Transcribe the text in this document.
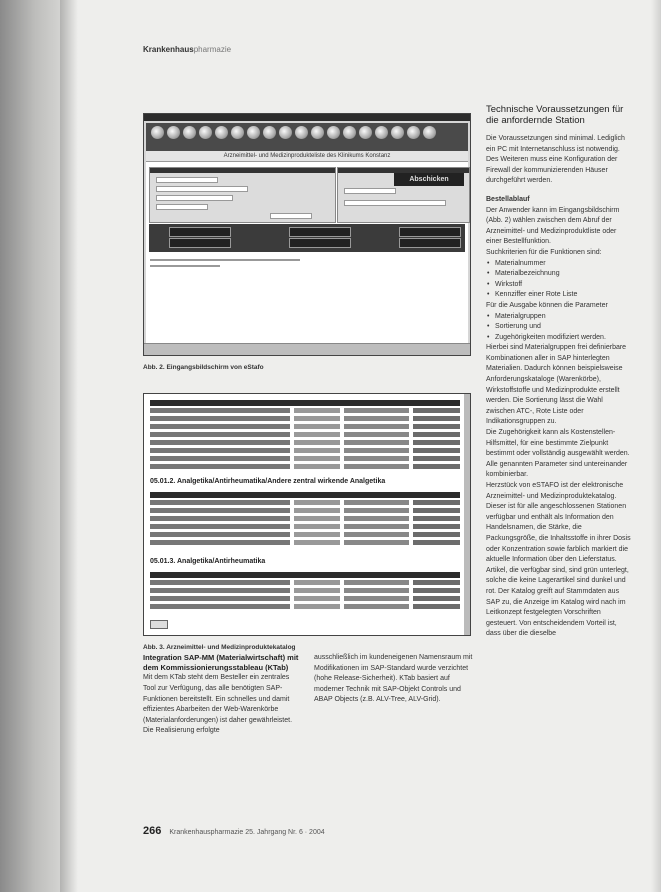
Krankenhauspharmazie
Arzneimittel- und Medizinprodukteliste des Klinikums Konstanz
Abschicken
Abb. 2. Eingangsbildschirm von eStafo
05.01.2. Analgetika/Antirheumatika/Andere zentral wirkende Analgetika
05.01.3. Analgetika/Antirheumatika
Abb. 3. Arzneimittel- und Medizinproduktekatalog
Technische Voraussetzungen für die anfordernde Station

Die Voraussetzungen sind minimal. Lediglich ein PC mit Internetanschluss ist notwendig. Des Weiteren muss eine Konfiguration der Firewall der kommunizierenden Häuser durchgeführt werden.

Bestellablauf

Der Anwender kann im Eingangsbildschirm (Abb. 2) wählen zwischen dem Abruf der Arzneimittel- und Medizinproduktliste oder einer Bestellfunktion.

Suchkriterien für die Funktionen sind:

• Materialnummer
• Materialbezeichnung
• Wirkstoff
• Kennziffer einer Rote Liste

Für die Ausgabe können die Parameter

• Materialgruppen
• Sortierung und
• Zugehörigkeiten modifiziert werden.

Hierbei sind Materialgruppen frei definierbare Kombinationen aller in SAP hinterlegten Materialien. Dadurch können beispielsweise Anforderungskataloge (Warenkörbe), Wirkstoffstoffe und Medizinprodukte erstellt werden. Die Sortierung lässt die Wahl zwischen ATC-, Rote Liste oder Indikationsgruppen zu.

Die Zugehörigkeit kann als Kostenstellen-Hilfsmittel, für eine bestimmte Zielpunkt bestimmt oder vollständig ausgewählt werden. Alle genannten Parameter sind untereinander kombinierbar.

Herzstück von eSTAFO ist der elektronische Arzneimittel- und Medizinproduktekatalog. Dieser ist für alle angeschlossenen Stationen verfügbar und enthält als Information den Handelsnamen, die Stärke, die Packungsgröße, die Inhaltsstoffe in ihrer Dosis oder Konzentration sowie farblich markiert die aktuelle Information über den Lieferstatus. Artikel, die verfügbar sind, sind grün unterlegt, solche die keine Lagerartikel sind dunkel und rot. Der Katalog greift auf Stammdaten aus SAP zu, die Anzeige im Katalog wird nach im Leitkonzept festgelegten Vorschriften gesteuert. Von entscheidendem Vorteil ist, dass über die dieselbe

Integration SAP-MM (Materialwirtschaft) mit dem Kommissionierungsstableau (KTab)

Mit dem KTab steht dem Besteller ein zentrales Tool zur Verfügung, das alle benötigten SAP-Funktionen bereitstellt. Ein schnelles und damit effizientes Abarbeiten der Web-Warenkörbe (Materialanforderungen) ist daher gewährleistet. Die Realisierung erfolgte

ausschließlich im kundeneigenen Namensraum mit Modifikationen im SAP-Standard wurde verzichtet (hohe Release-Sicherheit). KTab basiert auf moderner Technik mit SAP-Objekt Controls und ABAP Objects (z.B. ALV-Tree, ALV-Grid).

266 Krankenhauspharmazie 25. Jahrgang Nr. 6 · 2004
